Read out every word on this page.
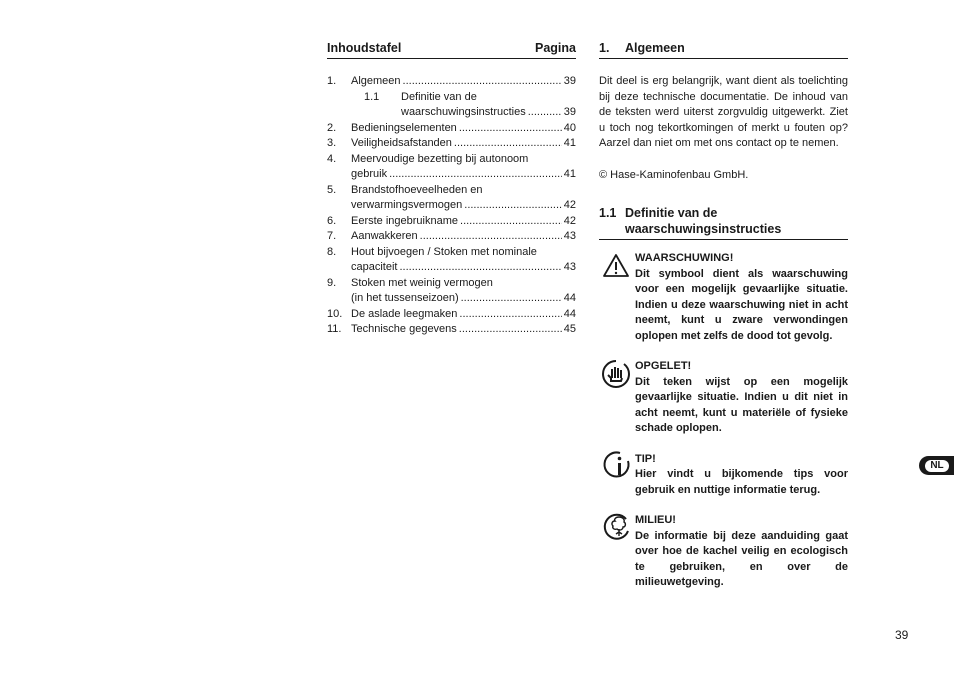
Inhoudstafel	Pagina
1.	Algemeen .....	39
1.1	Definitie van de
waarschuwingsinstructies .....	39
2.	Bedieningselementen .....	40
3.	Veiligheidsafstanden .....	41
4.	Meervoudige bezetting bij autonoom
gebruik .....	41
5.	Brandstofhoeveelheden en
verwarmingsvermogen .....	42
6.	Eerste ingebruikname .....	42
7.	Aanwakkeren .....	43
8.	Hout bijvoegen / Stoken met nominale
capaciteit .....	43
9.	Stoken met weinig vermogen
(in het tussenseizoen) .....	44
10. De aslade leegmaken .....	44
11. Technische gegevens .....	45
1.	Algemeen

Dit deel is erg belangrijk, want dient als toelichting bij deze technische documentatie. De inhoud van de teksten werd uiterst zorgvuldig uitgewerkt. Ziet u toch nog tekortkomingen of merkt u fouten op? Aarzel dan niet om met ons contact op te nemen.

© Hase-Kaminofenbau GmbH.
1.1 Definitie van de
waarschuwingsinstructies
WAARSCHUWING!
Dit symbool dient als waarschuwing voor een mogelijk gevaarlijke situatie. Indien u deze waarschuwing niet in acht neemt, kunt u zware verwondingen oplopen met zelfs de dood tot gevolg.
OPGELET!
Dit teken wijst op een mogelijk gevaarlijke situatie. Indien u dit niet in acht neemt, kunt u materiële of fysieke schade oplopen.
TIP!
Hier vindt u bijkomende tips voor gebruik en nuttige informatie terug.
MILIEU!
De informatie bij deze aanduiding gaat over hoe de kachel veilig en ecologisch te gebruiken, en over de milieuwetgeving.
NL
39
